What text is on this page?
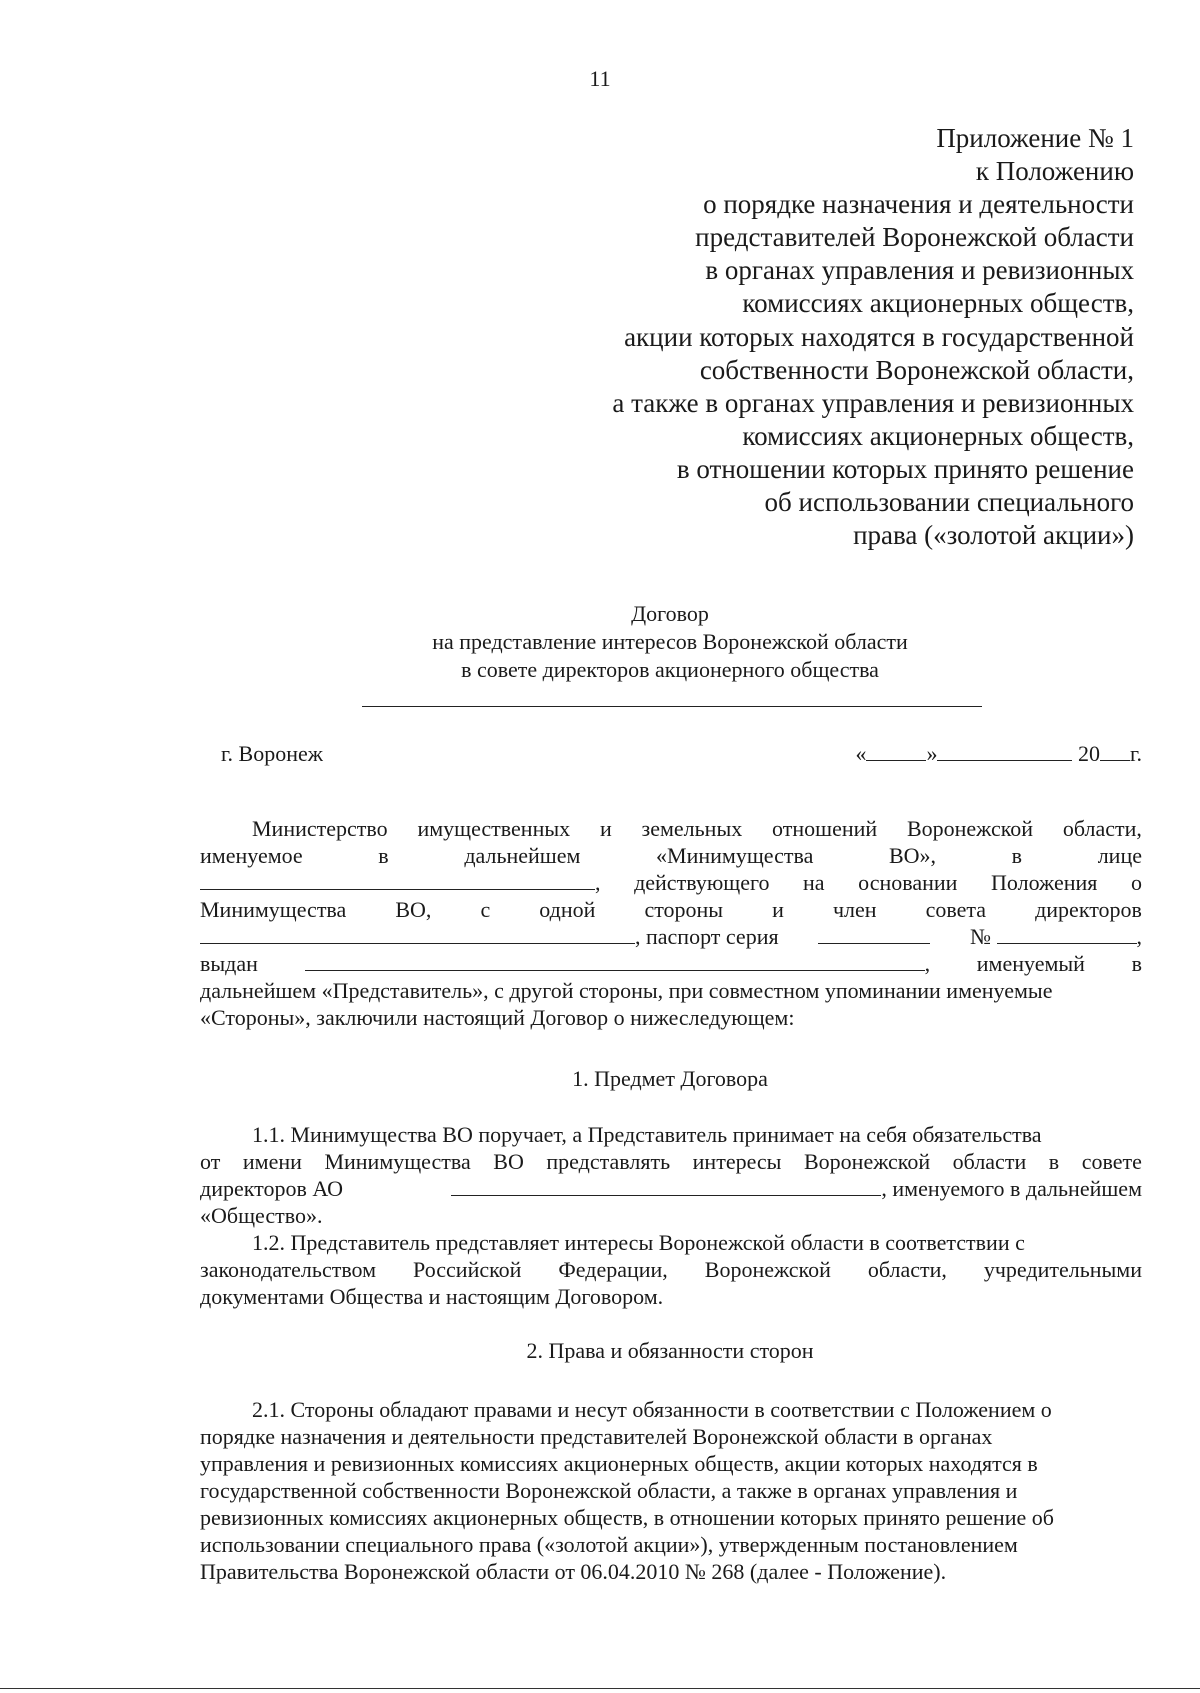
11
Приложение № 1
к Положению
о порядке назначения и деятельности
представителей Воронежской области
в органах управления и ревизионных
комиссиях акционерных обществ,
акции которых находятся в государственной
собственности Воронежской области,
а также в органах управления и ревизионных
комиссиях акционерных обществ,
в отношении которых принято решение
об использовании специального
права («золотой акции»)
Договор
на представление интересов Воронежской области
в совете директоров акционерного общества
г. Воронеж	«	»	20 г.
Министерство имущественных и земельных отношений Воронежской области,
именуемое	в	дальнейшем	«Минимущества	ВО»,	в	лице
, действующего на основании Положения о
Минимущества ВО, с одной стороны и член совета директоров
, паспорт серия	№	,
выдан	, именуемый в
дальнейшем «Представитель», с другой стороны, при совместном упоминании именуемые
«Стороны», заключили настоящий Договор о нижеследующем:
1. Предмет Договора
1.1. Минимущества ВО поручает, а Представитель принимает на себя обязательства
от имени Минимущества ВО представлять интересы Воронежской области в совете
директоров АО	, именуемого в дальнейшем
«Общество».
1.2. Представитель представляет интересы Воронежской области в соответствии с
законодательством Российской Федерации, Воронежской области, учредительными
документами Общества и настоящим Договором.
2. Права и обязанности сторон
2.1. Стороны обладают правами и несут обязанности в соответствии с Положением о
порядке назначения и деятельности представителей Воронежской области в органах
управления и ревизионных комиссиях акционерных обществ, акции которых находятся в
государственной собственности Воронежской области, а также в органах управления и
ревизионных комиссиях акционерных обществ, в отношении которых принято решение об
использовании специального права («золотой акции»), утвержденным постановлением
Правительства Воронежской области от 06.04.2010 № 268 (далее - Положение).
